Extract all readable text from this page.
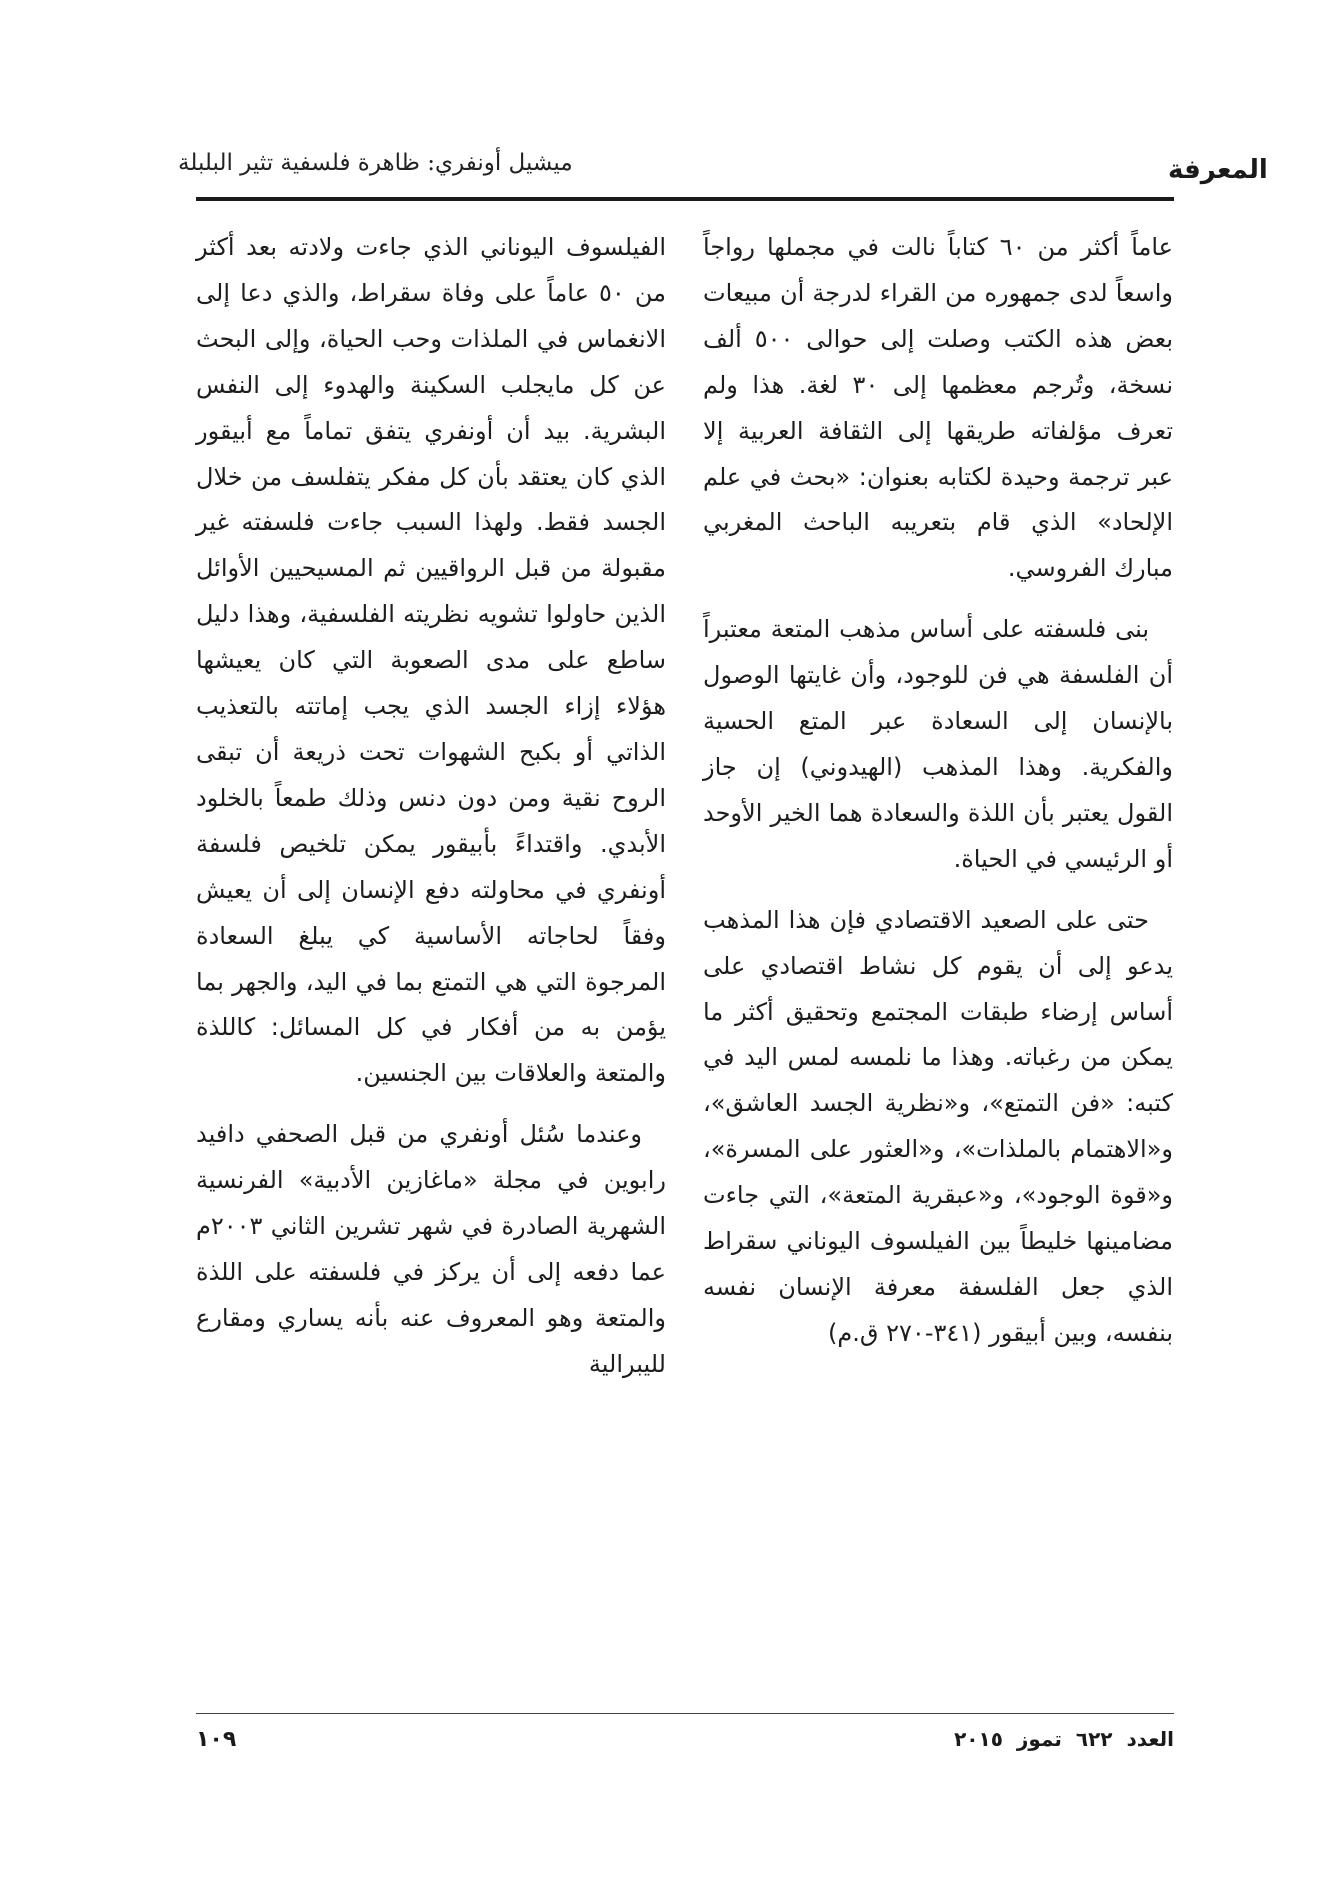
المعرفة
ميشيل أونفري: ظاهرة فلسفية تثير البلبلة

عاماً أكثر من ٦٠ كتاباً نالت في مجملها رواجاً واسعاً لدى جمهوره من القراء لدرجة أن مبيعات بعض هذه الكتب وصلت إلى حوالى ٥٠٠ ألف نسخة، وتُرجم معظمها إلى ٣٠ لغة. هذا ولم تعرف مؤلفاته طريقها إلى الثقافة العربية إلا عبر ترجمة وحيدة لكتابه بعنوان: «بحث في علم الإلحاد» الذي قام بتعريبه الباحث المغربي مبارك الفروسي.

بنى فلسفته على أساس مذهب المتعة معتبراً أن الفلسفة هي فن للوجود، وأن غايتها الوصول بالإنسان إلى السعادة عبر المتع الحسية والفكرية. وهذا المذهب (الهيدوني) إن جاز القول يعتبر بأن اللذة والسعادة هما الخير الأوحد أو الرئيسي في الحياة.

حتى على الصعيد الاقتصادي فإن هذا المذهب يدعو إلى أن يقوم كل نشاط اقتصادي على أساس إرضاء طبقات المجتمع وتحقيق أكثر ما يمكن من رغباته. وهذا ما نلمسه لمس اليد في كتبه: «فن التمتع»، و«نظرية الجسد العاشق»، و«الاهتمام بالملذات»، و«العثور على المسرة»، و«قوة الوجود»، و«عبقرية المتعة»، التي جاءت مضامينها خليطاً بين الفيلسوف اليوناني سقراط الذي جعل الفلسفة معرفة الإنسان نفسه بنفسه، وبين أبيقور (٣٤١-٢٧٠ ق.م)

الفيلسوف اليوناني الذي جاءت ولادته بعد أكثر من ٥٠ عاماً على وفاة سقراط، والذي دعا إلى الانغماس في الملذات وحب الحياة، وإلى البحث عن كل مايجلب السكينة والهدوء إلى النفس البشرية. بيد أن أونفري يتفق تماماً مع أبيقور الذي كان يعتقد بأن كل مفكر يتفلسف من خلال الجسد فقط. ولهذا السبب جاءت فلسفته غير مقبولة من قبل الرواقيين ثم المسيحيين الأوائل الذين حاولوا تشويه نظريته الفلسفية، وهذا دليل ساطع على مدى الصعوبة التي كان يعيشها هؤلاء إزاء الجسد الذي يجب إماتته بالتعذيب الذاتي أو بكبح الشهوات تحت ذريعة أن تبقى الروح نقية ومن دون دنس وذلك طمعاً بالخلود الأبدي. واقتداءً بأبيقور يمكن تلخيص فلسفة أونفري في محاولته دفع الإنسان إلى أن يعيش وفقاً لحاجاته الأساسية كي يبلغ السعادة المرجوة التي هي التمتع بما في اليد، والجهر بما يؤمن به من أفكار في كل المسائل: كاللذة والمتعة والعلاقات بين الجنسين.

وعندما سُئل أونفري من قبل الصحفي دافيد رابوين في مجلة «ماغازين الأدبية» الفرنسية الشهرية الصادرة في شهر تشرين الثاني ٢٠٠٣م عما دفعه إلى أن يركز في فلسفته على اللذة والمتعة وهو المعروف عنه بأنه يساري ومقارع لليبرالية

١٠٩	العدد٦٢٢تموز٢٠١٥
